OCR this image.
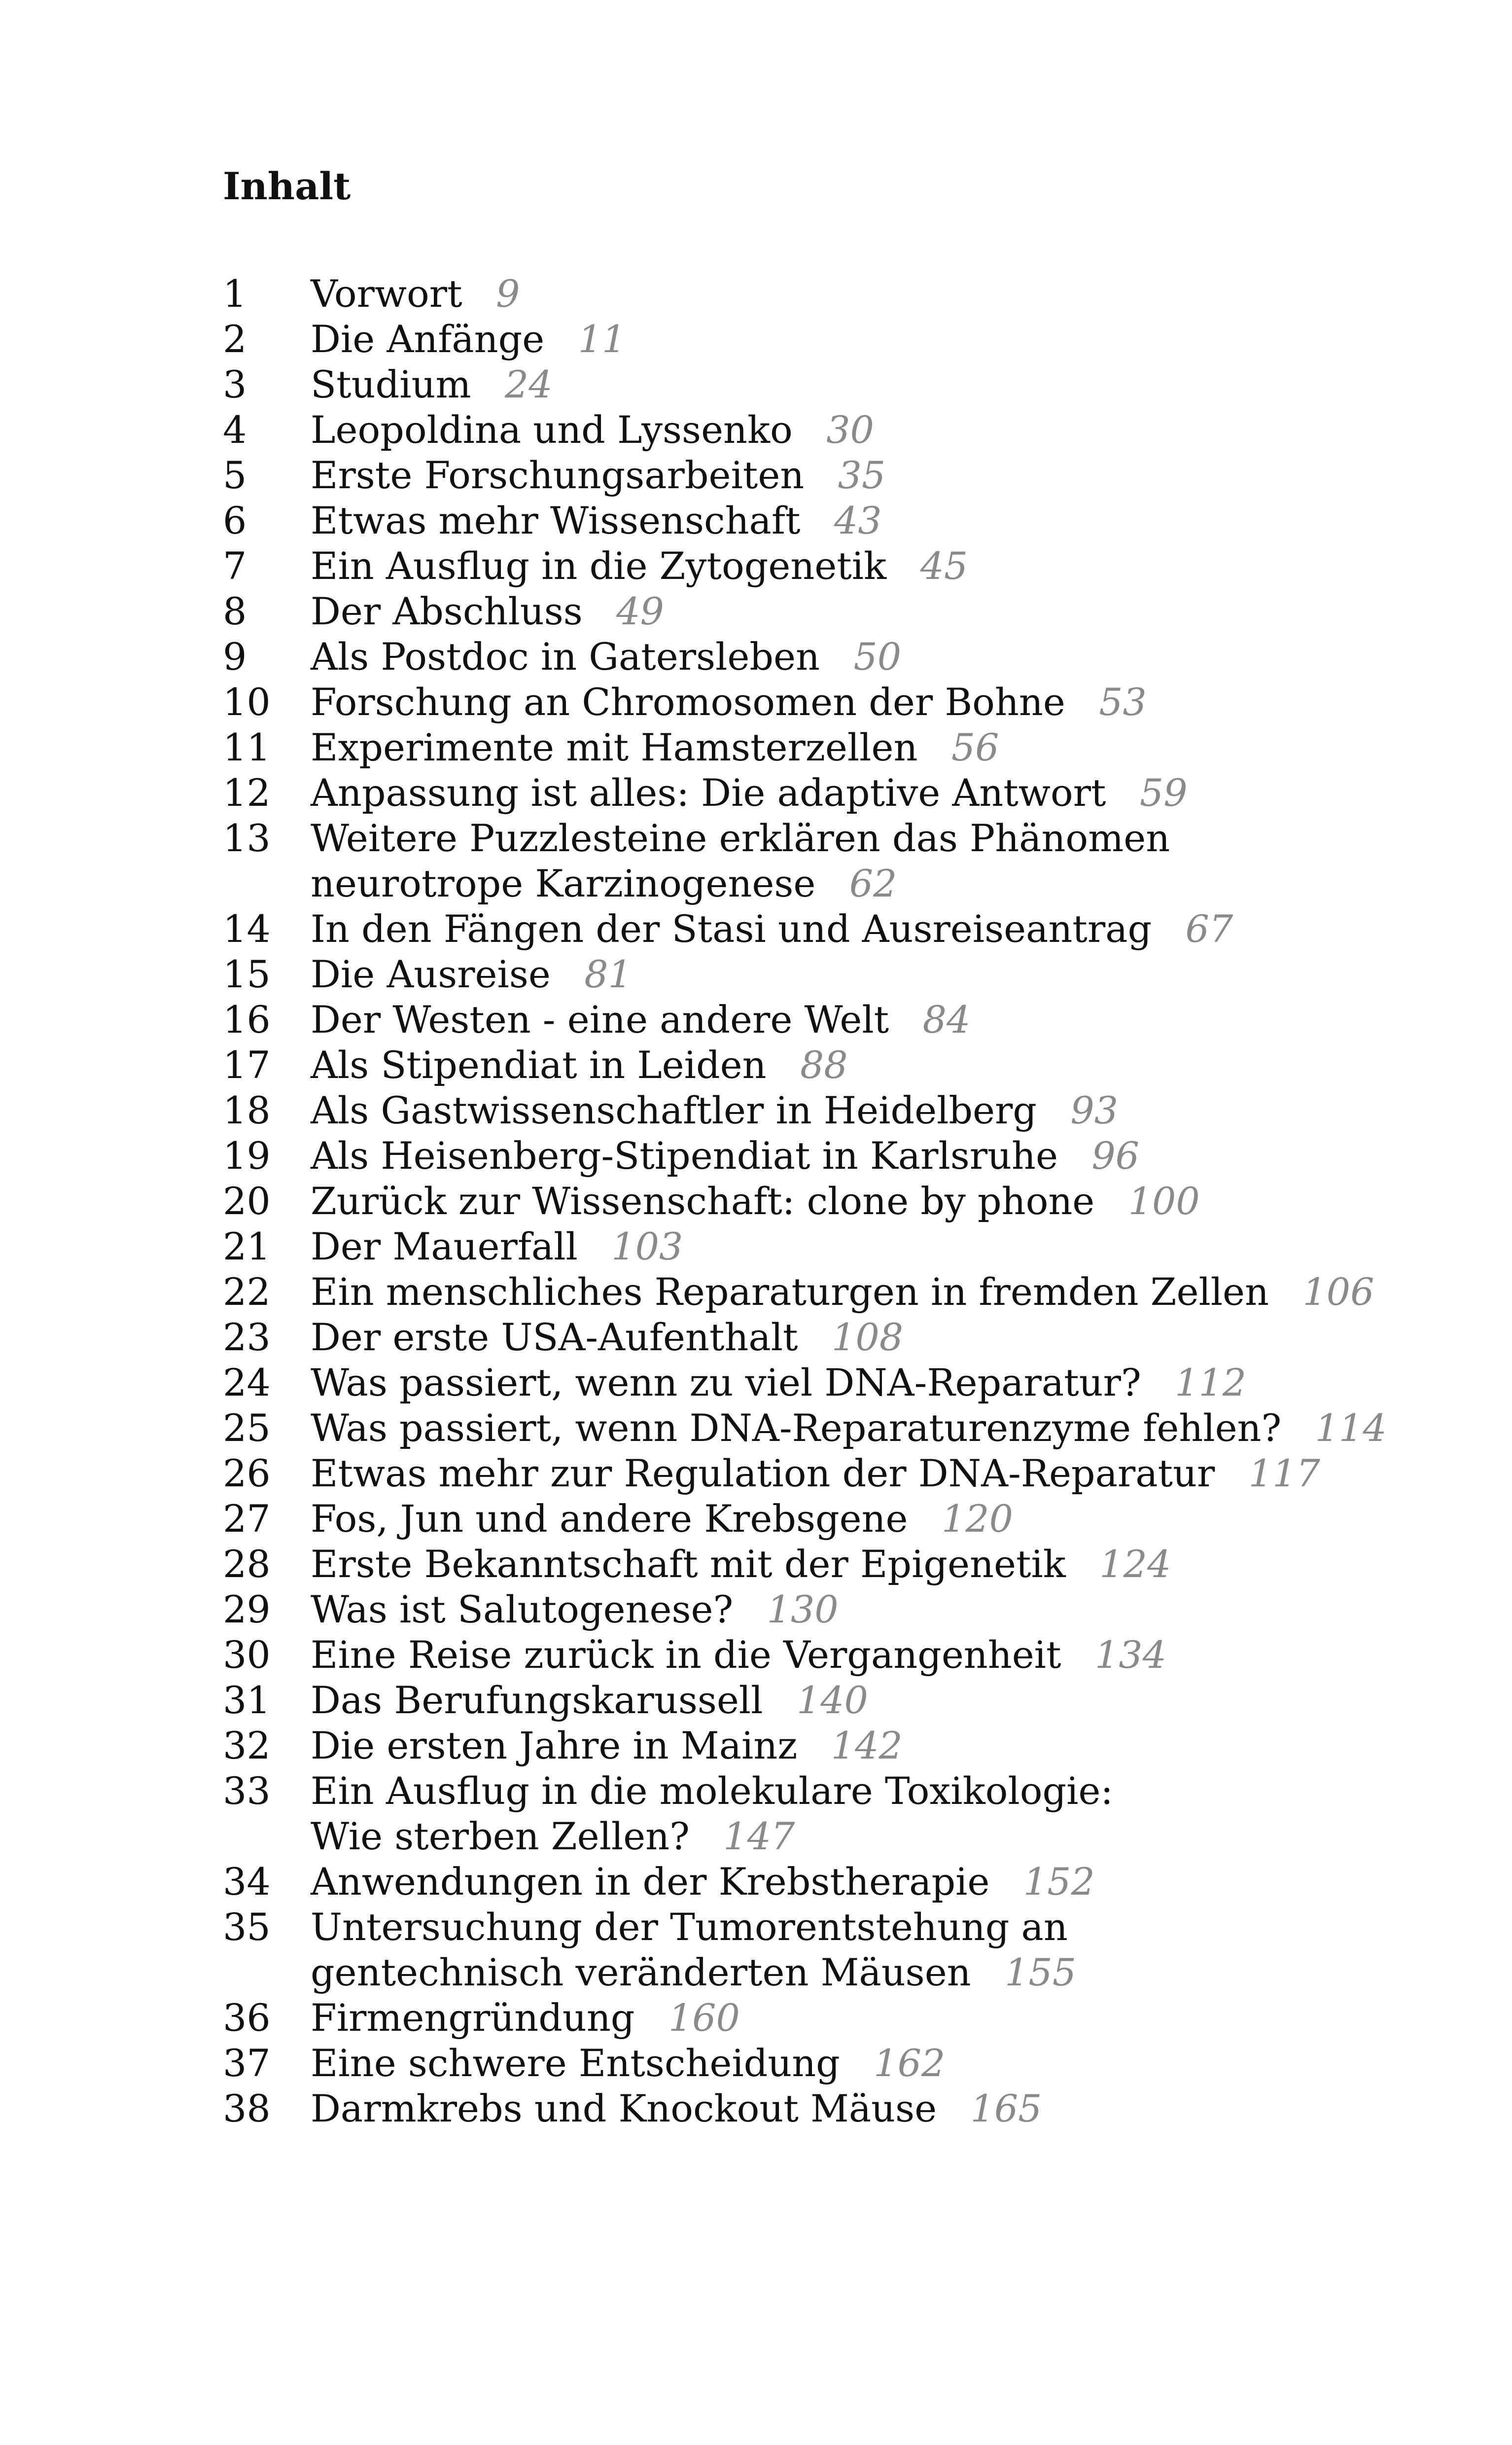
Inhalt
1 Vorwort 9
2 Die Anfänge 11
3 Studium 24
4 Leopoldina und Lyssenko 30
5 Erste Forschungsarbeiten 35
6 Etwas mehr Wissenschaft 43
7 Ein Ausflug in die Zytogenetik 45
8 Der Abschluss 49
9 Als Postdoc in Gatersleben 50
10 Forschung an Chromosomen der Bohne 53
11 Experimente mit Hamsterzellen 56
12 Anpassung ist alles: Die adaptive Antwort 59
13 Weitere Puzzlesteine erklären das Phänomen
neurotrope Karzinogenese 62
14 In den Fängen der Stasi und Ausreiseantrag 67
15 Die Ausreise 81
16 Der Westen - eine andere Welt 84
17 Als Stipendiat in Leiden 88
18 Als Gastwissenschaftler in Heidelberg 93
19 Als Heisenberg-Stipendiat in Karlsruhe 96
20 Zurück zur Wissenschaft: clone by phone 100
21 Der Mauerfall 103
22 Ein menschliches Reparaturgen in fremden Zellen 106
23 Der erste USA-Aufenthalt 108
24 Was passiert, wenn zu viel DNA-Reparatur? 112
25 Was passiert, wenn DNA-Reparaturenzyme fehlen? 114
26 Etwas mehr zur Regulation der DNA-Reparatur 117
27 Fos, Jun und andere Krebsgene 120
28 Erste Bekanntschaft mit der Epigenetik 124
29 Was ist Salutogenese? 130
30 Eine Reise zurück in die Vergangenheit 134
31 Das Berufungskarussell 140
32 Die ersten Jahre in Mainz 142
33 Ein Ausflug in die molekulare Toxikologie:
Wie sterben Zellen? 147
34 Anwendungen in der Krebstherapie 152
35 Untersuchung der Tumorentstehung an
gentechnisch veränderten Mäusen 155
36 Firmengründung 160
37 Eine schwere Entscheidung 162
38 Darmkrebs und Knockout Mäuse 165
